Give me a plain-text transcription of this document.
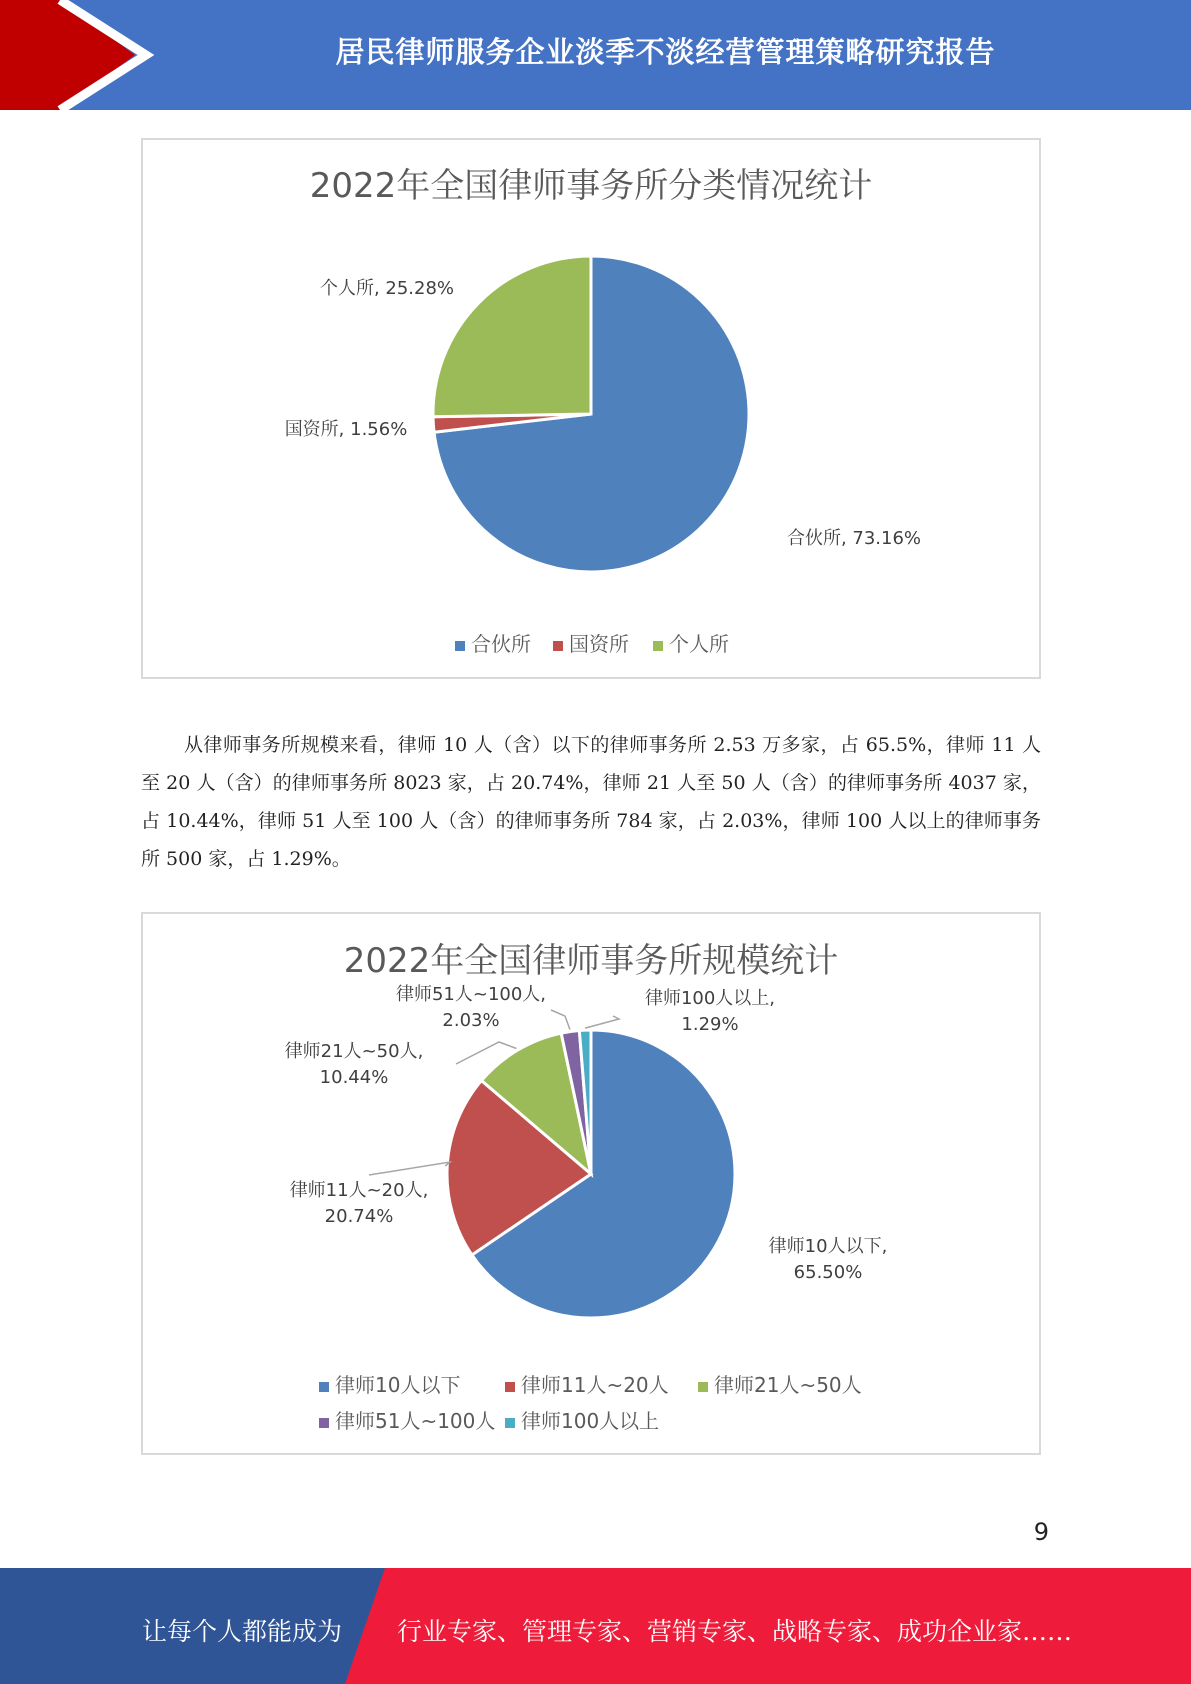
居民律师服务企业淡季不淡经营管理策略研究报告
2022年全国律师事务所分类情况统计
合伙所, 73.16%
国资所, 1.56%
个人所, 25.28%
合伙所 国资所 个人所
从律师事务所规模来看，律师 10 人（含）以下的律师事务所 2.53 万多家，占 65.5%，律师 11 人至 20 人（含）的律师事务所 8023 家，占 20.74%，律师 21 人至 50 人（含）的律师事务所 4037 家，占 10.44%，律师 51 人至 100 人（含）的律师事务所 784 家，占 2.03%，律师 100 人以上的律师事务所 500 家，占 1.29%。
2022年全国律师事务所规模统计
律师10人以下,
65.50%
律师11人~20人,
20.74%
律师21人~50人,
10.44%
律师51人~100人,
2.03%
律师100人以上,
1.29%
律师10人以下	律师11人~20人 律师21人~50人
律师51人~100人 律师100人以上
9
让每个人都能成为 行业专家、管理专家、营销专家、战略专家、成功企业家……
